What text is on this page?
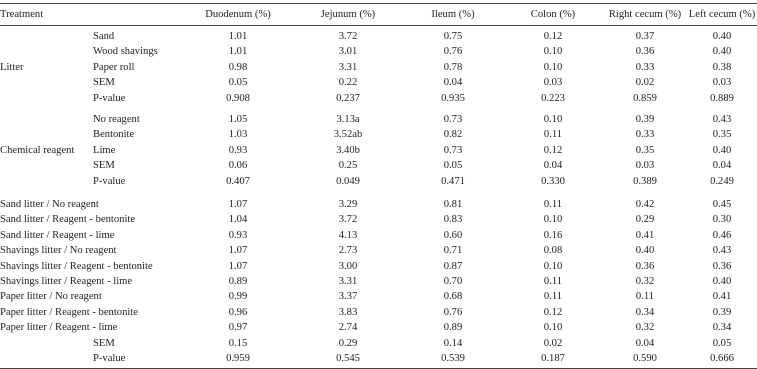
Treatment	Duodenum (%)	Jejunum (%)	Ileum (%)	Colon (%)	Right cecum (%) Left cecum (%)
Sand	1.01	3.72	0.75	0.12	0.37	0.40
Wood shavings	1.01	3.01	0.76	0.10	0.36	0.40
Paper roll	0.98	3.31	0.78	0.10	0.33	0.38
SEM	0.05	0.22	0.04	0.03	0.02	0.03
P-value	0.908	0.237	0.935	0.223	0.859	0.889
Litter
No reagent	1.05	3.13a	0.73	0.10	0.39	0.43
Bentonite	1.03	3.52ab	0.82	0.11	0.33	0.35
Lime	0.93	3.40b	0.73	0.12	0.35	0.40
SEM	0.06	0.25	0.05	0.04	0.03	0.04
P-value	0.407	0.049	0.471	0.330	0.389	0.249
Chemical reagent
Sand litter / No reagent	1.07	3.29	0.81	0.11	0.42	0.45
Sand litter / Reagent - bentonite	1.04	3.72	0.83	0.10	0.29	0.30
Sand litter / Reagent - lime	0.93	4.13	0.60	0.16	0.41	0.46
Shavings litter / No reagent	1.07	2.73	0.71	0.08	0.40	0.43
Shavings litter / Reagent - bentonite	1.07	3.00	0.87	0.10	0.36	0.36
Shavings litter / Reagent - lime	0.89	3.31	0.70	0.11	0.32	0.40
Paper litter / No reagent	0.99	3.37	0.68	0.11	0.11	0.41
Paper litter / Reagent - bentonite	0.96	3.83	0.76	0.12	0.34	0.39
Paper litter / Reagent - lime	0.97	2.74	0.89	0.10	0.32	0.34
SEM	0.15	0.29	0.14	0.02	0.04	0.05
P-value	0.959	0.545	0.539	0.187	0.590	0.666
